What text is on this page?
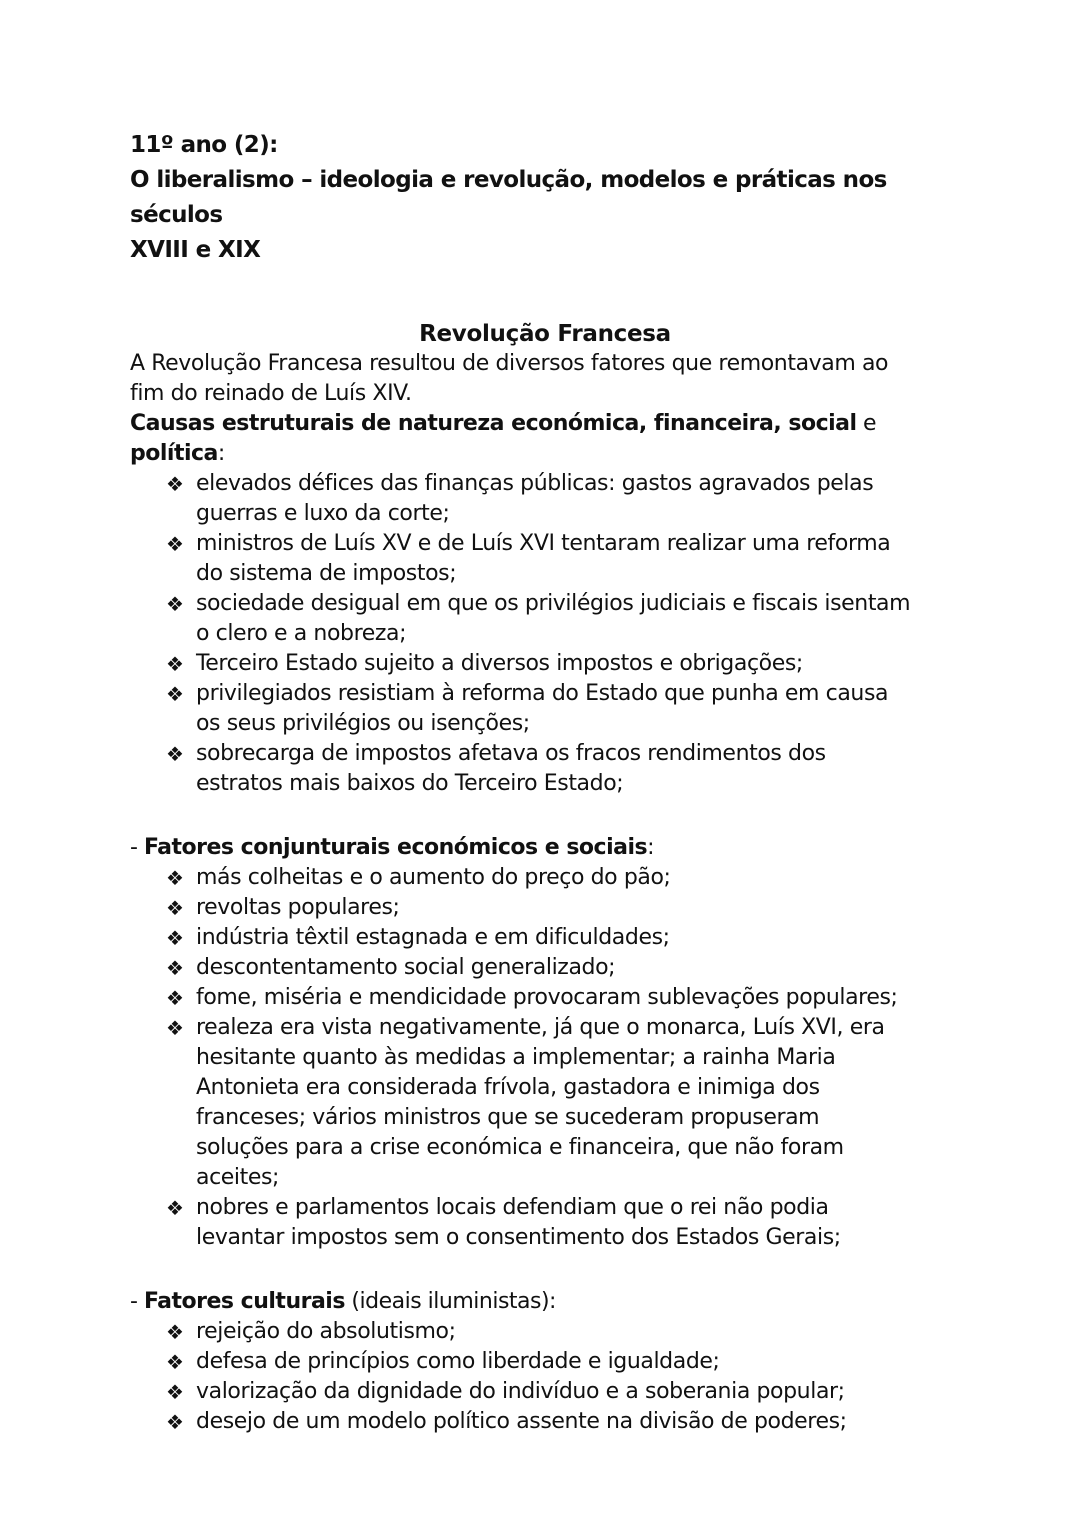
11º ano (2):
O liberalismo – ideologia e revolução, modelos e práticas nos séculos
XVIII e XIX
Revolução Francesa
A Revolução Francesa resultou de diversos fatores que remontavam ao
fim do reinado de Luís XIV.
Causas estruturais de natureza económica, financeira, social e política:
❖ elevados défices das finanças públicas: gastos agravados pelas
guerras e luxo da corte;
❖ ministros de Luís XV e de Luís XVI tentaram realizar uma reforma
do sistema de impostos;
❖ sociedade desigual em que os privilégios judiciais e fiscais isentam
o clero e a nobreza;
❖ Terceiro Estado sujeito a diversos impostos e obrigações;
❖ privilegiados resistiam à reforma do Estado que punha em causa
os seus privilégios ou isenções;
❖ sobrecarga de impostos afetava os fracos rendimentos dos
estratos mais baixos do Terceiro Estado;
- Fatores conjunturais económicos e sociais:
❖ más colheitas e o aumento do preço do pão;
❖ revoltas populares;
❖ indústria têxtil estagnada e em dificuldades;
❖ descontentamento social generalizado;
❖ fome, miséria e mendicidade provocaram sublevações populares;
❖ realeza era vista negativamente, já que o monarca, Luís XVI, era
hesitante quanto às medidas a implementar; a rainha Maria
Antonieta era considerada frívola, gastadora e inimiga dos
franceses; vários ministros que se sucederam propuseram
soluções para a crise económica e financeira, que não foram
aceites;
❖ nobres e parlamentos locais defendiam que o rei não podia
levantar impostos sem o consentimento dos Estados Gerais;
- Fatores culturais (ideais iluministas):
❖ rejeição do absolutismo;
❖ defesa de princípios como liberdade e igualdade;
❖ valorização da dignidade do indivíduo e a soberania popular;
❖ desejo de um modelo político assente na divisão de poderes;
